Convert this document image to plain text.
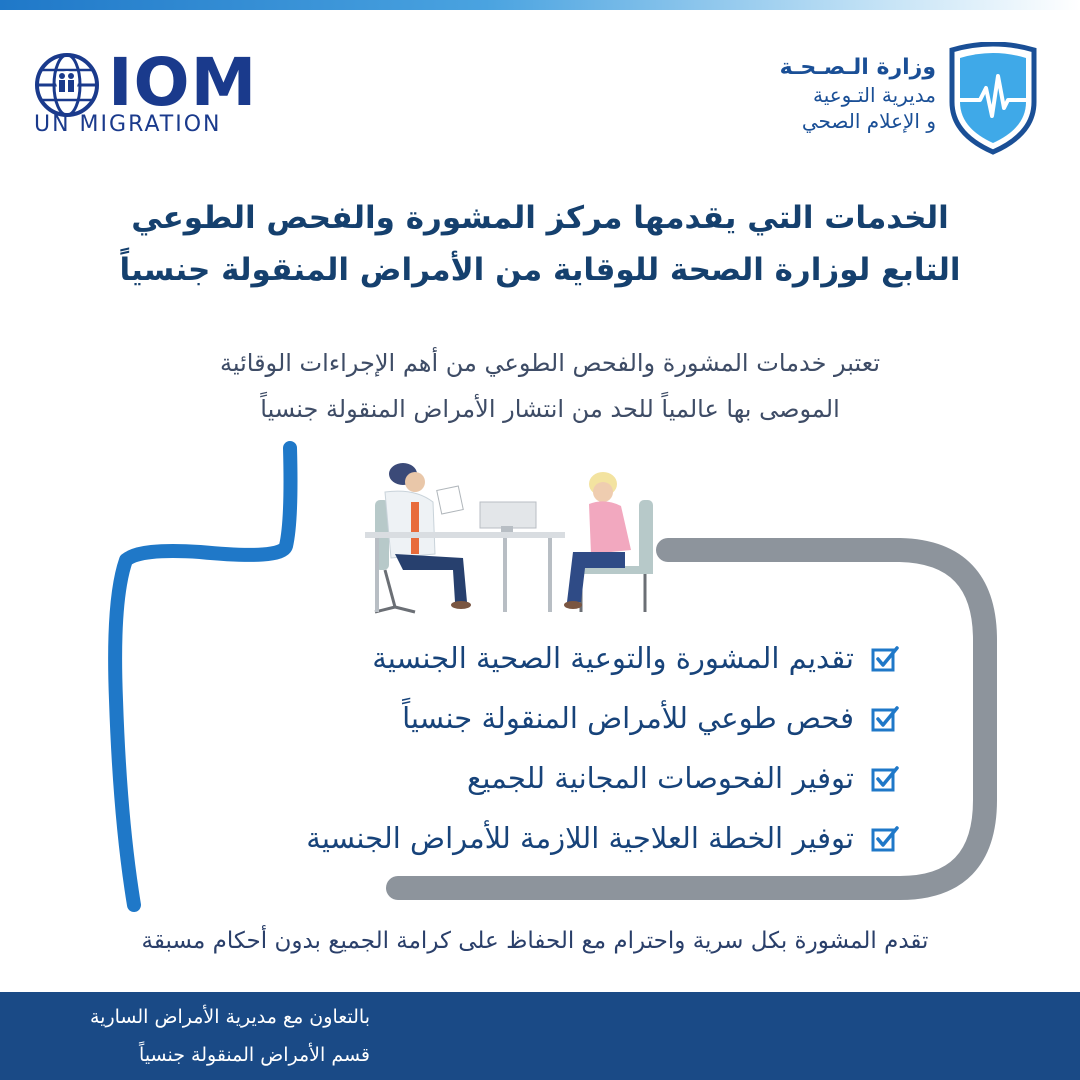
IOM
UN MIGRATION
وزارة الـصـحـة
مديرية التـوعية
و الإعلام الصحي
الخدمات التي يقدمها مركز المشورة والفحص الطوعي
التابع لوزارة الصحة للوقاية من الأمراض المنقولة جنسياً
تعتبر خدمات المشورة والفحص الطوعي من أهم الإجراءات الوقائية
الموصى بها عالمياً للحد من انتشار الأمراض المنقولة جنسياً
تقديم المشورة والتوعية الصحية الجنسية
فحص طوعي للأمراض المنقولة جنسياً
توفير الفحوصات المجانية للجميع
توفير الخطة العلاجية اللازمة للأمراض الجنسية
تقدم المشورة بكل سرية واحترام مع الحفاظ على كرامة الجميع بدون أحكام مسبقة
بالتعاون مع مديرية الأمراض السارية
قسم الأمراض المنقولة جنسياً
